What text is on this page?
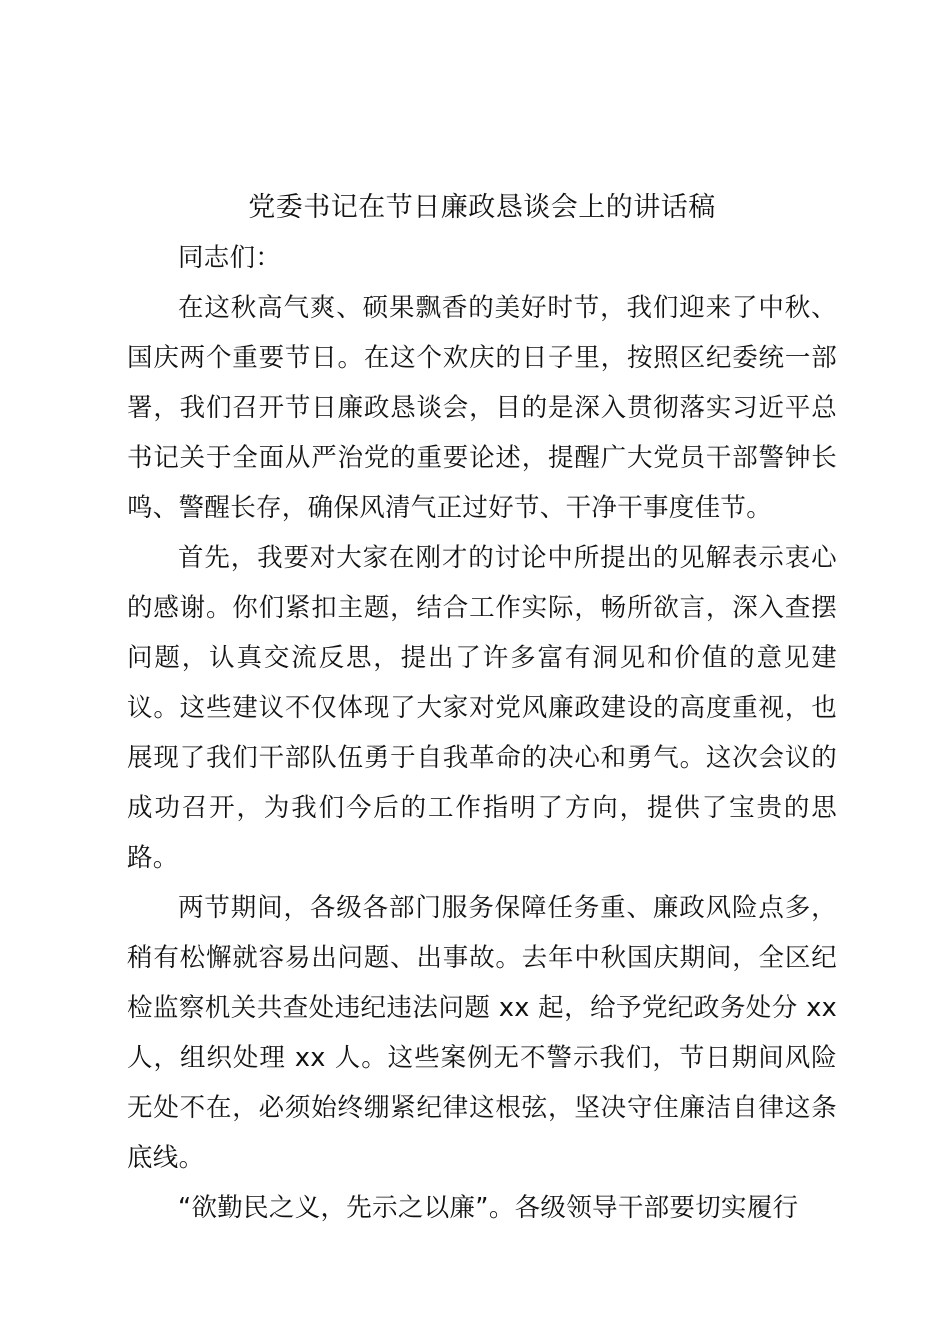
党委书记在节日廉政恳谈会上的讲话稿

同志们：

在这秋高气爽、硕果飘香的美好时节，我们迎来了中秋、国庆两个重要节日。在这个欢庆的日子里，按照区纪委统一部署，我们召开节日廉政恳谈会，目的是深入贯彻落实习近平总书记关于全面从严治党的重要论述，提醒广大党员干部警钟长鸣、警醒长存，确保风清气正过好节、干净干事度佳节。

首先，我要对大家在刚才的讨论中所提出的见解表示衷心的感谢。你们紧扣主题，结合工作实际，畅所欲言，深入查摆问题，认真交流反思，提出了许多富有洞见和价值的意见建议。这些建议不仅体现了大家对党风廉政建设的高度重视，也展现了我们干部队伍勇于自我革命的决心和勇气。这次会议的成功召开，为我们今后的工作指明了方向，提供了宝贵的思路。

两节期间，各级各部门服务保障任务重、廉政风险点多，稍有松懈就容易出问题、出事故。去年中秋国庆期间，全区纪检监察机关共查处违纪违法问题 xx 起，给予党纪政务处分 xx 人，组织处理 xx 人。这些案例无不警示我们，节日期间风险无处不在，必须始终绷紧纪律这根弦，坚决守住廉洁自律这条底线。

“欲勤民之义，先示之以廉”。各级领导干部要切实履行
